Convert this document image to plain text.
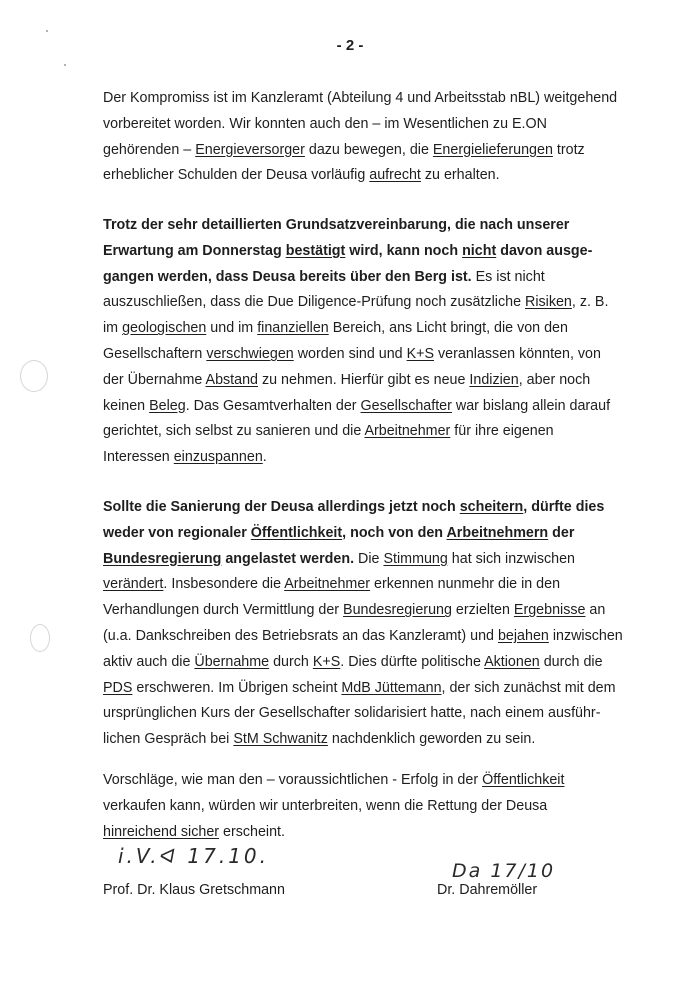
- 2 -

Der Kompromiss ist im Kanzleramt (Abteilung 4 und Arbeitsstab nBL) weitgehend vorbereitet worden. Wir konnten auch den – im Wesentlichen zu E.ON gehörenden – Energieversorger dazu bewegen, die Energielieferungen trotz erheblicher Schulden der Deusa vorläufig aufrecht zu erhalten.

Trotz der sehr detaillierten Grundsatzvereinbarung, die nach unserer Erwartung am Donnerstag bestätigt wird, kann noch nicht davon ausgegangen werden, dass Deusa bereits über den Berg ist. Es ist nicht auszuschließen, dass die Due Diligence-Prüfung noch zusätzliche Risiken, z. B. im geologischen und im finanziellen Bereich, ans Licht bringt, die von den Gesellschaftern verschwiegen worden sind und K+S veranlassen könnten, von der Übernahme Abstand zu nehmen. Hierfür gibt es neue Indizien, aber noch keinen Beleg. Das Gesamtverhalten der Gesellschafter war bislang allein darauf gerichtet, sich selbst zu sanieren und die Arbeitnehmer für ihre eigenen Interessen einzuspannen.

Sollte die Sanierung der Deusa allerdings jetzt noch scheitern, dürfte dies weder von regionaler Öffentlichkeit, noch von den Arbeitnehmern der Bundesregierung angelastet werden. Die Stimmung hat sich inzwischen verändert. Insbesondere die Arbeitnehmer erkennen nunmehr die in den Verhandlungen durch Vermittlung der Bundesregierung erzielten Ergebnisse an (u.a. Dankschreiben des Betriebsrats an das Kanzleramt) und bejahen inzwischen aktiv auch die Übernahme durch K+S. Dies dürfte politische Aktionen durch die PDS erschweren. Im Übrigen scheint MdB Jüttemann, der sich zunächst mit dem ursprünglichen Kurs der Gesellschafter solidarisiert hatte, nach einem ausführlichen Gespräch bei StM Schwanitz nachdenklich geworden zu sein.

Vorschläge, wie man den – voraussichtlichen - Erfolg in der Öffentlichkeit verkaufen kann, würden wir unterbreiten, wenn die Rettung der Deusa hinreichend sicher erscheint.

i.V.ᐊ 17.10.
Da 17/10
Prof. Dr. Klaus Gretschmann	Dr. Dahremöller
